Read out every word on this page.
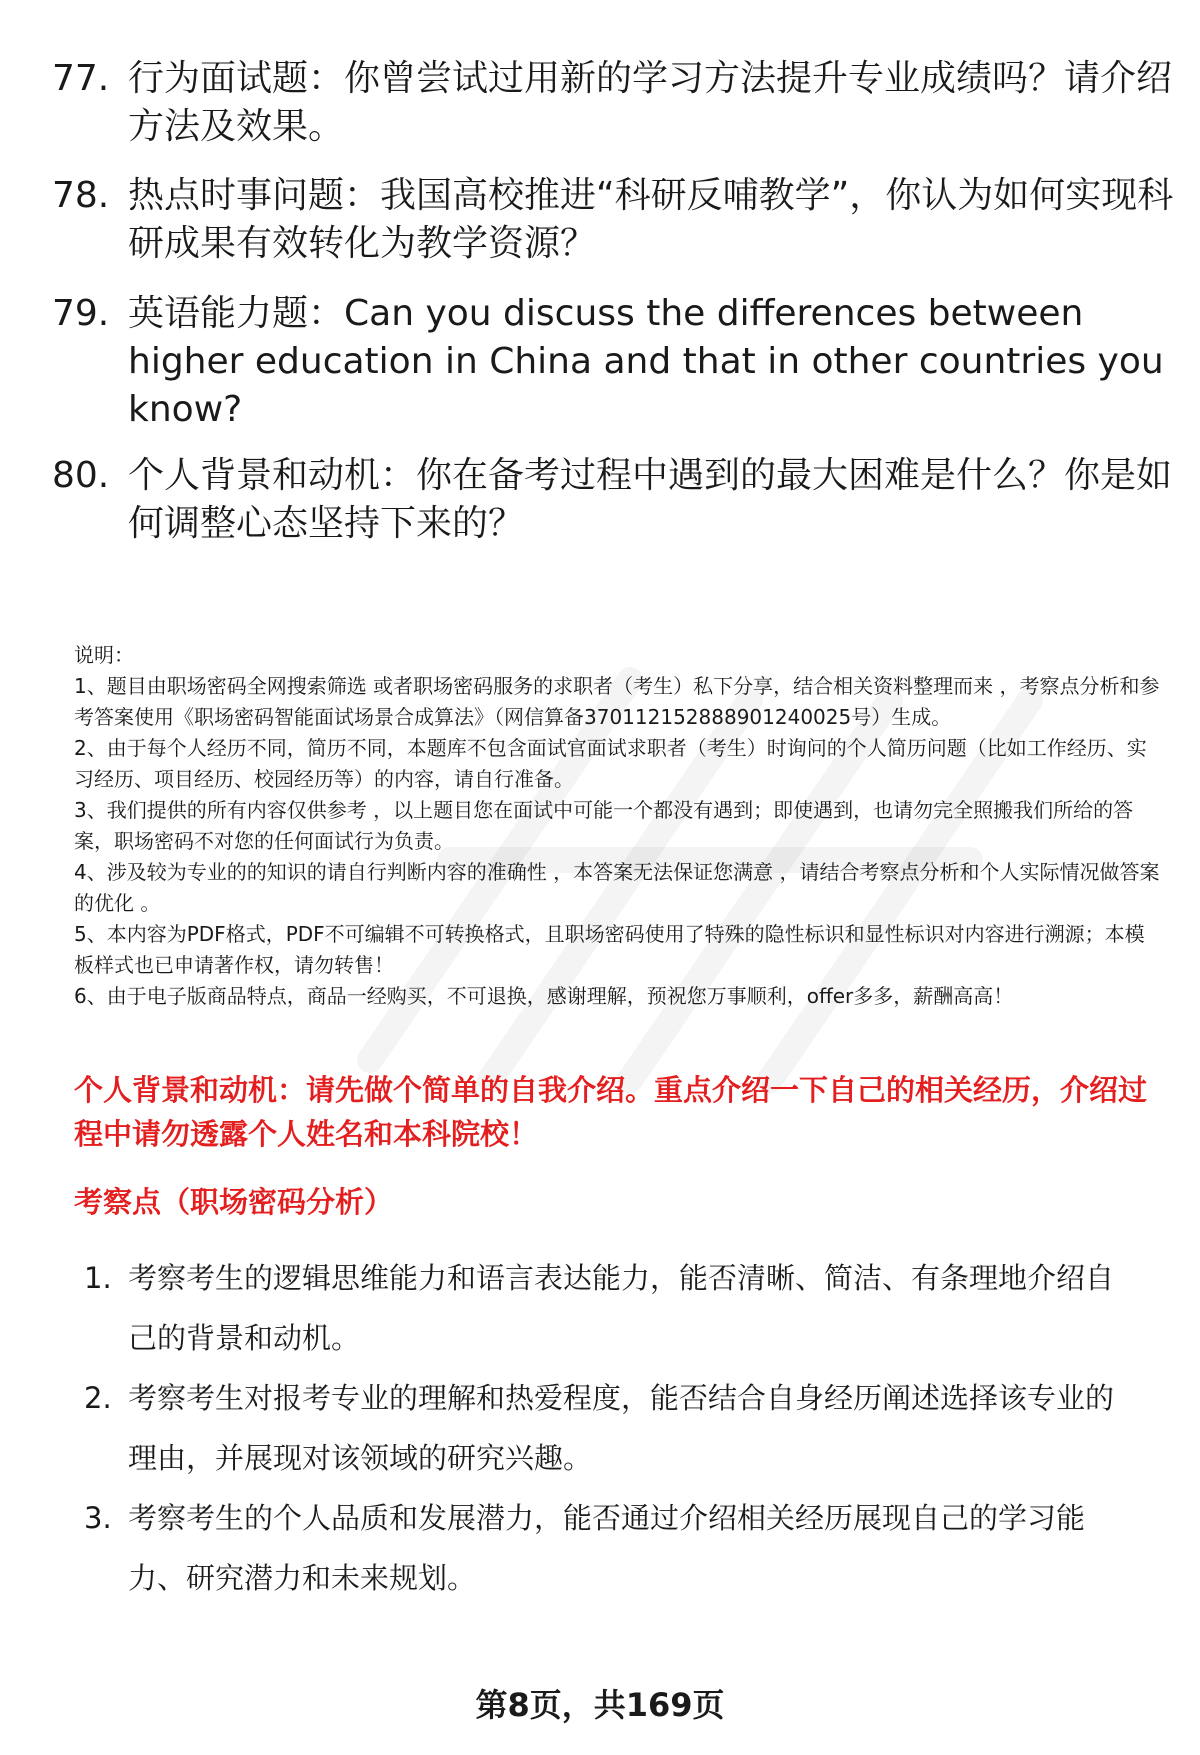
77. 行为面试题：你曾尝试过用新的学习方法提升专业成绩吗？请介绍方法及效果。
78. 热点时事问题：我国高校推进“科研反哺教学”，你认为如何实现科研成果有效转化为教学资源？
79. 英语能力题：Can you discuss the differences between higher education in China and that in other countries you know?
80. 个人背景和动机：你在备考过程中遇到的最大困难是什么？你是如何调整心态坚持下来的？

说明：

1、题目由职场密码全网搜索筛选 或者职场密码服务的求职者（考生）私下分享，结合相关资料整理而来 ，考察点分析和参考答案使用《职场密码智能面试场景合成算法》（网信算备370112152888901240025号）生成。

2、由于每个人经历不同，简历不同，本题库不包含面试官面试求职者（考生）时询问的个人简历问题（比如工作经历、实习经历、项目经历、校园经历等）的内容，请自行准备。

3、我们提供的所有内容仅供参考 ，以上题目您在面试中可能一个都没有遇到；即使遇到，也请勿完全照搬我们所给的答案，职场密码不对您的任何面试行为负责。

4、涉及较为专业的的知识的请自行判断内容的准确性 ，本答案无法保证您满意 ，请结合考察点分析和个人实际情况做答案的优化 。

5、本内容为PDF格式，PDF不可编辑不可转换格式，且职场密码使用了特殊的隐性标识和显性标识对内容进行溯源；本模板样式也已申请著作权，请勿转售！

6、由于电子版商品特点，商品一经购买，不可退换，感谢理解，预祝您万事顺利，offer多多，薪酬高高！

个人背景和动机：请先做个简单的自我介绍。重点介绍一下自己的相关经历，介绍过程中请勿透露个人姓名和本科院校！
考察点（职场密码分析）
1. 考察考生的逻辑思维能力和语言表达能力，能否清晰、简洁、有条理地介绍自己的背景和动机。
2. 考察考生对报考专业的理解和热爱程度，能否结合自身经历阐述选择该专业的理由，并展现对该领域的研究兴趣。
3. 考察考生的个人品质和发展潜力，能否通过介绍相关经历展现自己的学习能力、研究潜力和未来规划。
第8页，共169页
